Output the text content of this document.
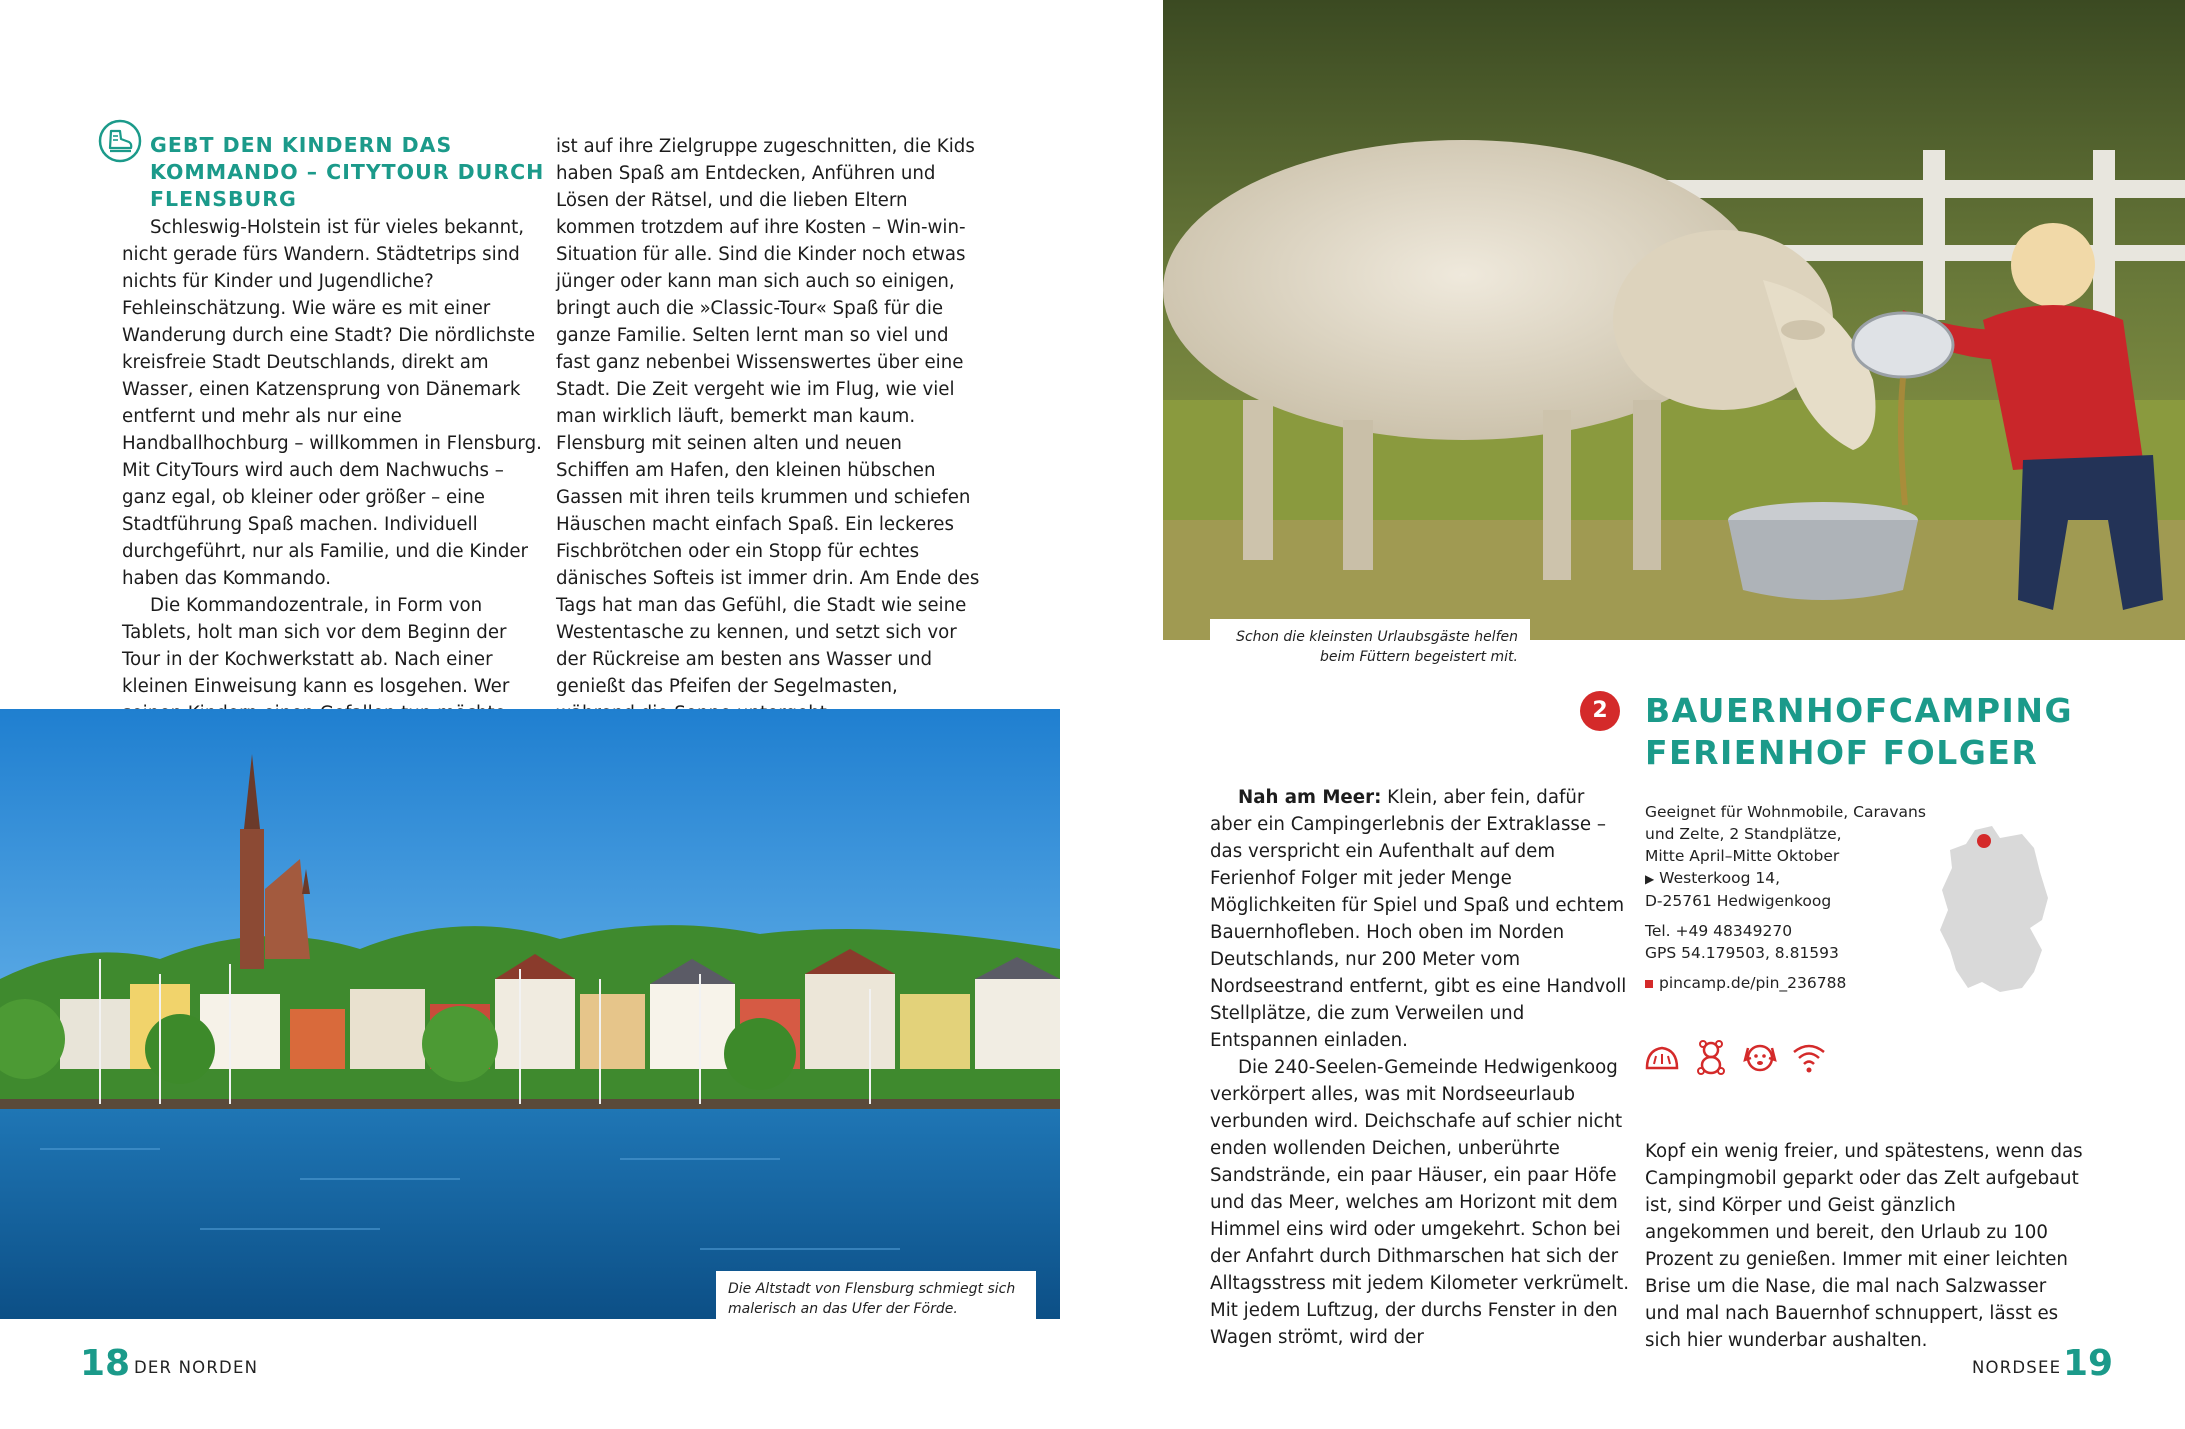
GEBT DEN KINDERN DAS KOMMANDO – CITYTOUR DURCH FLENSBURG

Schleswig-Holstein ist für vieles bekannt, nicht gerade fürs Wandern. Städtetrips sind nichts für Kinder und Jugendliche? Fehleinschätzung. Wie wäre es mit einer Wanderung durch eine Stadt? Die nördlichste kreisfreie Stadt Deutschlands, direkt am Wasser, einen Katzensprung von Dänemark entfernt und mehr als nur eine Handballhochburg – willkommen in Flensburg. Mit CityTours wird auch dem Nachwuchs – ganz egal, ob kleiner oder größer – eine Stadtführung Spaß machen. Individuell durchgeführt, nur als Familie, und die Kinder haben das Kommando.

Die Kommandozentrale, in Form von Tablets, holt man sich vor dem Beginn der Tour in der Kochwerkstatt ab. Nach einer kleinen Einweisung kann es losgehen. Wer

ist auf ihre Zielgruppe zugeschnitten, die Kids haben Spaß am Entdecken, Anführen und Lösen der Rätsel, und die lieben Eltern kommen trotzdem auf ihre Kosten – Win-win-Situation für alle. Sind die Kinder noch etwas jünger oder kann man sich auch so einigen, bringt auch die »Classic-Tour« Spaß für die ganze Familie. Selten lernt man so viel und fast ganz nebenbei Wissenswertes über eine Stadt. Die Zeit vergeht wie im Flug, wie viel man wirklich läuft, bemerkt man kaum. Flensburg mit seinen alten und neuen Schiffen am Hafen, den kleinen hübschen Gassen mit ihren teils krummen und schiefen Häuschen macht einfach Spaß. Ein leckeres Fischbrötchen oder ein Stopp für echtes dänisches Softeis ist immer drin. Am Ende des Tags hat man das Gefühl, die Stadt wie seine Westentasche zu kennen, und setzt sich vor der Rückreise am besten ans Wasser und genießt das Pfeifen der Segelmasten,

Die Altstadt von Flensburg schmiegt sich malerisch an das Ufer der Förde.
18 DER NORDEN
Schon die kleinsten Urlaubsgäste helfen beim Füttern begeistert mit.
2	BAUERNHOFCAMPING
FERIENHOF FOLGER

Nah am Meer: Klein, aber fein, dafür aber ein Campingerlebnis der Extraklasse – das verspricht ein Aufenthalt auf dem Ferienhof Folger mit jeder Menge Möglichkeiten für Spiel und Spaß und echtem Bauernhofleben. Hoch oben im Norden Deutschlands, nur 200 Meter vom Nordseestrand entfernt, gibt es eine Handvoll Stellplätze, die zum Verweilen und Entspannen einladen.

Die 240-Seelen-Gemeinde Hedwigenkoog verkörpert alles, was mit Nordseeurlaub verbunden wird. Deichschafe auf schier nicht enden wollenden Deichen, unberührte Sandstrände, ein paar Häuser, ein paar Höfe und das Meer, welches am Horizont mit dem Himmel eins wird oder umgekehrt. Schon bei der Anfahrt durch Dithmarschen hat sich der Alltagsstress mit jedem Kilometer verkrümelt. Mit jedem Luftzug, der durchs Fenster in den Wagen strömt, wird der

Geeignet für Wohnmobile, Caravans
und Zelte, 2 Standplätze,
Mitte April–Mitte Oktober
▶ Westerkoog 14,
D-25761 Hedwigenkoog
Tel. +49 48349270
GPS 54.179503, 8.81593
pincamp.de/pin_236788

Kopf ein wenig freier, und spätestens, wenn das Campingmobil geparkt oder das Zelt aufgebaut ist, sind Körper und Geist gänzlich angekommen und bereit, den Urlaub zu 100 Prozent zu genießen. Immer mit einer leichten Brise um die Nase, die mal nach Salzwasser und mal nach Bauernhof schnuppert, lässt es sich hier wunderbar aushalten.

NORDSEE 19
